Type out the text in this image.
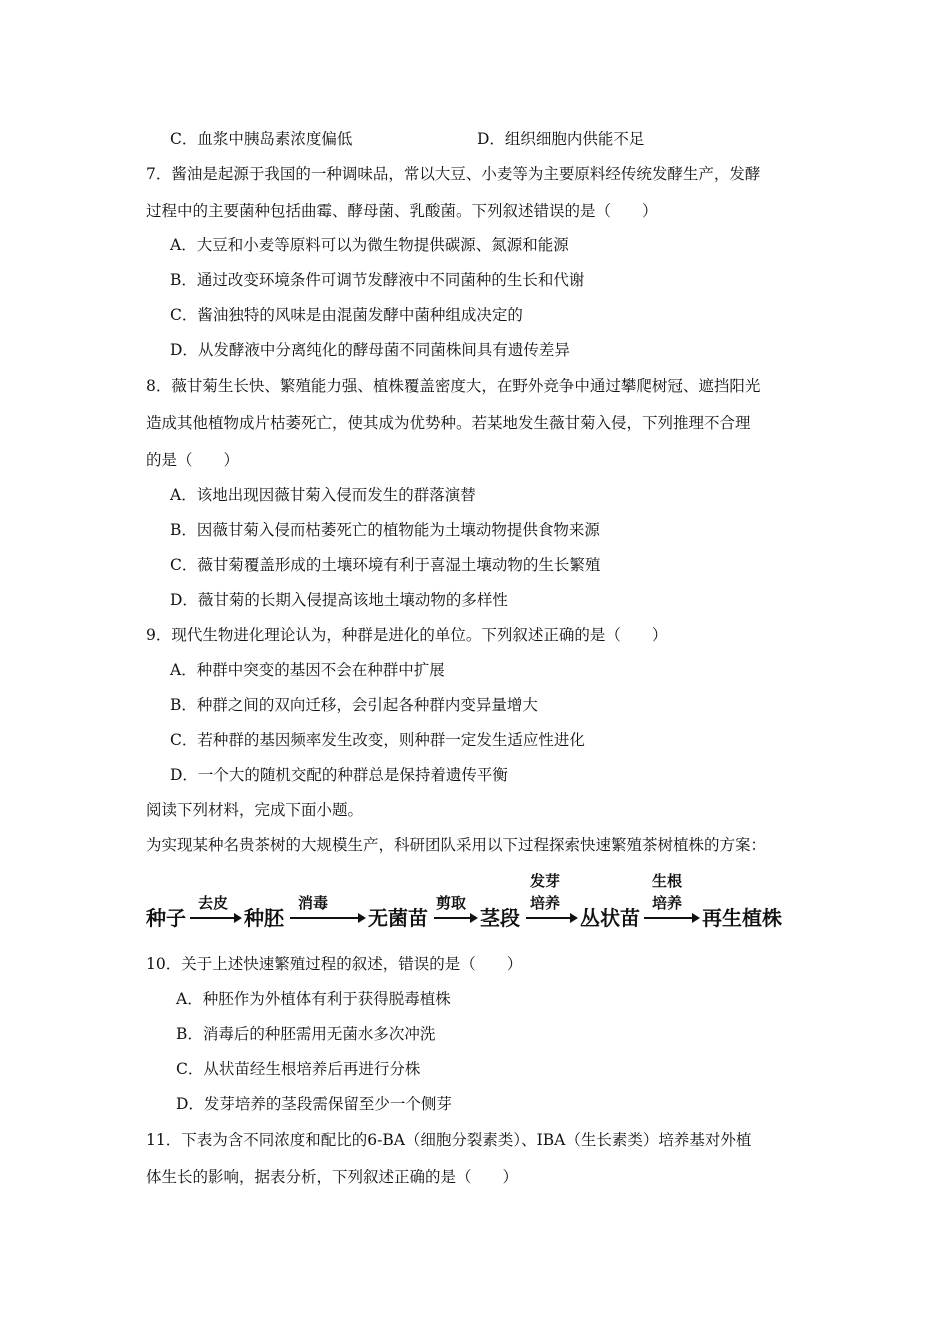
C．血浆中胰岛素浓度偏低	D．组织细胞内供能不足
7．酱油是起源于我国的一种调味品，常以大豆、小麦等为主要原料经传统发酵生产，发酵
过程中的主要菌种包括曲霉、酵母菌、乳酸菌。下列叙述错误的是（　　）
A．大豆和小麦等原料可以为微生物提供碳源、氮源和能源
B．通过改变环境条件可调节发酵液中不同菌种的生长和代谢
C．酱油独特的风味是由混菌发酵中菌种组成决定的
D．从发酵液中分离纯化的酵母菌不同菌株间具有遗传差异
8．薇甘菊生长快、繁殖能力强、植株覆盖密度大，在野外竞争中通过攀爬树冠、遮挡阳光
造成其他植物成片枯萎死亡，使其成为优势种。若某地发生薇甘菊入侵，下列推理不合理
的是（　　）
A．该地出现因薇甘菊入侵而发生的群落演替
B．因薇甘菊入侵而枯萎死亡的植物能为土壤动物提供食物来源
C．薇甘菊覆盖形成的土壤环境有利于喜湿土壤动物的生长繁殖
D．薇甘菊的长期入侵提高该地土壤动物的多样性
9．现代生物进化理论认为，种群是进化的单位。下列叙述正确的是（　　）
A．种群中突变的基因不会在种群中扩展
B．种群之间的双向迁移，会引起各种群内变异量增大
C．若种群的基因频率发生改变，则种群一定发生适应性进化
D．一个大的随机交配的种群总是保持着遗传平衡
阅读下列材料，完成下面小题。
为实现某种名贵茶树的大规模生产，科研团队采用以下过程探索快速繁殖茶树植株的方案：
10．关于上述快速繁殖过程的叙述，错误的是（　　）
A．种胚作为外植体有利于获得脱毒植株
B．消毒后的种胚需用无菌水多次冲洗
C．从状苗经生根培养后再进行分株
D．发芽培养的茎段需保留至少一个侧芽
11．下表为含不同浓度和配比的6-BA（细胞分裂素类）、IBA（生长素类）培养基对外植
体生长的影响，据表分析，下列叙述正确的是（　　）
种子
去皮
种胚
消毒
无菌苗
剪取
茎段
发芽
培养
丛状苗
生根
培养
再生植株
